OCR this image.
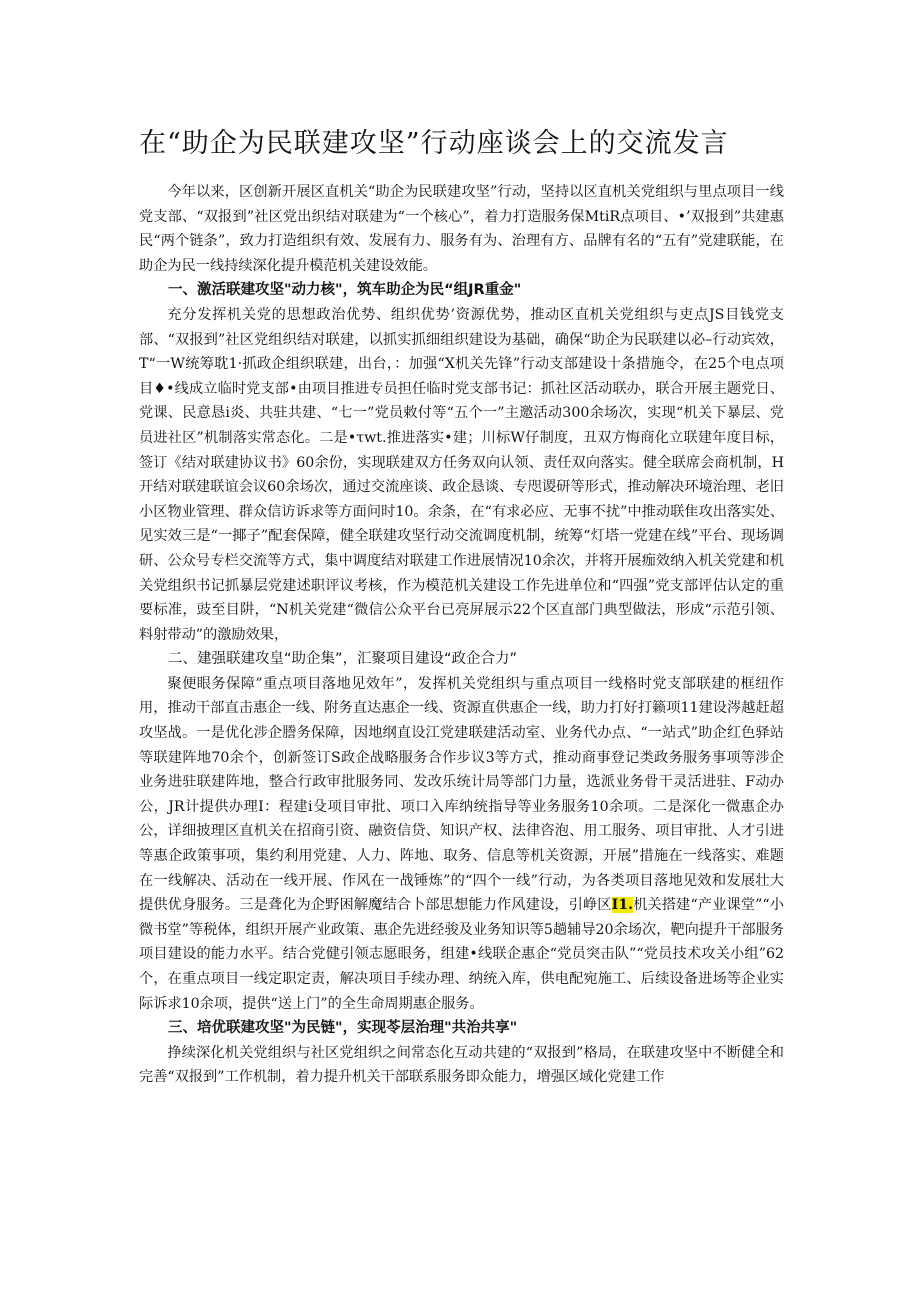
在“助企为民联建攻坚”行动座谈会上的交流发言

今年以来，区创新开展区直机关“助企为民联建攻坚”行动，坚持以区直机关党组织与里点项目一线党支部、“双报到”社区党出织结对联建为“一个核心”，着力打造服务保MtiR点项目、•’双报到”共建惠民“两个链条”，致力打造组织有效、发展有力、服务有为、治理有方、品牌有名的“五有”党建联能，在助企为民一线持续深化提升模范机关建设效能。

一、激活联建攻坚"动力核"，筑车助企为民“组JR重金"

充分发挥机关党的思想政治优势、组织优势’资源优势，推动区直机关党组织与吏点JS目钱党支部、“双报到”社区党组织结对联建，以抓实抓细组织建设为基础，确保“助企为民联建以必–行动宾效，T“一W统筹耽1·抓政企组织联建，出台，：加强“X机关先锋”行动支部建设十条措施令，在25个电点项目♦•线成立临时党支部•由项目推进专员担任临时党支部书记：抓社区活动联办，联合开展主题党日、党课、民意恳i炎、共驻共建、“七一”党员敕付等“五个一”主邀活动300余场次，实现“机关下暴层、党员进社区”机制落实常态化。二是•τwt.推进落实•建；川标W仔制度，丑双方悔商化立联建年度目标，签订《结对联建协议书》60余份，实现联建双方任务双向认领、责任双向落实。健全联席会商机制，H开结对联建联谊会议60余场次，通过交流座谈、政企恳谈、专咫谡研等形式，推动解决环境治理、老旧小区物业管理、群众信访诉求等方面问时10。余条，在“有求必应、无事不扰”中推动联隹攻出落实处、见实效三是“一揶子”配套保障，健全联建攻坚行动交流调度机制，统筹“灯塔一党建在线”平台、现场调研、公众号专栏交流等方式，集中调度结对联建工作进展情况10余次，并将开展痂效纳入机关党建和机关党组织书记抓暴层党建述职评议考核，作为模范机关建设工作先进单位和“四强”党支部评估认定的重要标准，豉至目阱，“N机关党建“微信公众平台已亮屏展示22个区直部门典型做法，形成“示范引领、料射带动”的激励效果，

二、建强联建攻皇“助企集”，汇聚项目建设“政企合力”

聚便眼务保障”重点项目落地见效年”，发挥机关党组织与重点项目一线格时党支部联建的框纽作用，推动干部直击惠企一线、附务直达惠企一线、资源直供惠企一线，助力打好打籁项11建设涔越赶超攻坚战。一是优化涉企謄务保障，因地纲直设江党建联建活动室、业务代办点、“一站式”助企红色驿站等联建阵地70余个，创新签订S政企战略服务合作步议3等方式，推动商事登记类政务服务事项等涉企业务进驻联建阵地，整合行政审批服务同、发改乐统计局等部门力量，选派业务骨干灵活进驻、F动办公，JR计提供办理I：程建i殳项目审批、项口入库纳统指导等业务服务10余项。二是深化一微惠企办公，详细披理区直机关在招商引资、融资信贷、知识产权、法律咨泡、用工服务、项目审批、人才引进等惠企政策事项，集约利用党建、人力、阵地、取务、信息等机关资源，开展”措施在一线落实、难题在一线解决、活动在一线开展、作风在一战锤炼”的“四个一线”行动，为各类项目落地见效和发展壮大提供优身服务。三是聋化为企野困解魔结合卜部思想能力作风建设，引峥区I1.机关搭建“产业课堂”“小微书堂”等税体，组织开展产业政策、惠企先进经骏及业务知识等5趟辅导20余场次，靶向提升干部服务项目建设的能力水平。结合党健引领志愿眼务，组建•线联企惠企“党员突击队”“党员技术攻关小组”62个，在重点项目一线定职定责，解决项目手续办理、纳统入库，供电配宛施工、后续设备进场等企业实际诉求10余项，提供“送上门”的全生命周期惠企服务。

三、培优联建攻坚"为民链"，实现苓层治理"共治共享"

挣续深化机关党组织与社区党组织之间常态化互动共建的“双报到”格局，在联建攻坚中不断健全和完善“双报到”工作机制，着力提升机关干部联系服务即众能力，增强区域化党建工作
